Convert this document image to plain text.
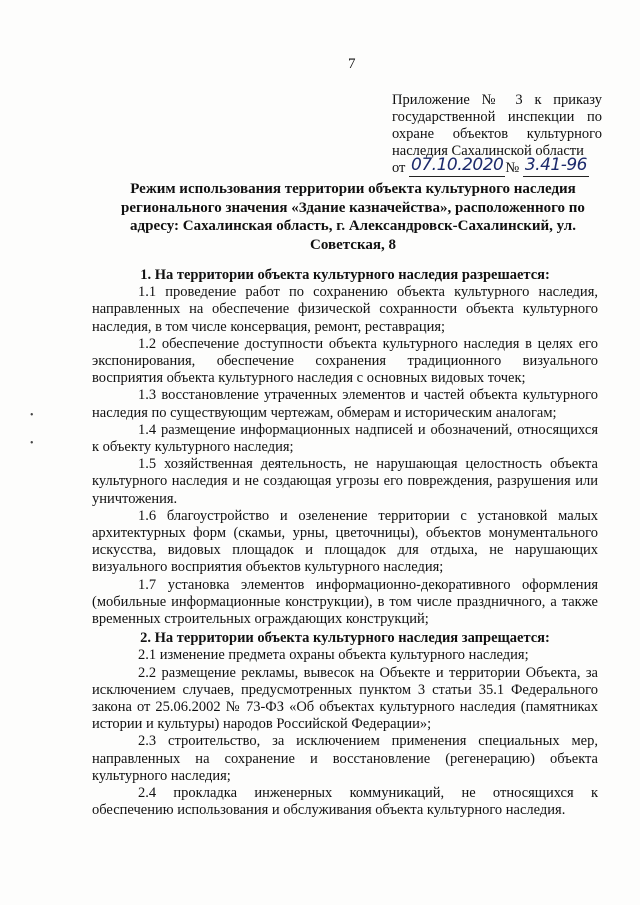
7
Приложение № 3 к приказу государственной инспекции по охране объектов культурного наследия Сахалинской области
от 07.10.2020 № 3.41-96
Режим использования территории объекта культурного наследия регионального значения «Здание казначейства», расположенного по адресу: Сахалинская область, г. Александровск-Сахалинский, ул. Советская, 8

1. На территории объекта культурного наследия разрешается:

1.1 проведение работ по сохранению объекта культурного наследия, направленных на обеспечение физической сохранности объекта культурного наследия, в том числе консервация, ремонт, реставрация;

1.2 обеспечение доступности объекта культурного наследия в целях его экспонирования, обеспечение сохранения традиционного визуального восприятия объекта культурного наследия с основных видовых точек;

1.3 восстановление утраченных элементов и частей объекта культурного наследия по существующим чертежам, обмерам и историческим аналогам;

1.4 размещение информационных надписей и обозначений, относящихся к объекту культурного наследия;

1.5 хозяйственная деятельность, не нарушающая целостность объекта культурного наследия и не создающая угрозы его повреждения, разрушения или уничтожения.

1.6 благоустройство и озеленение территории с установкой малых архитектурных форм (скамьи, урны, цветочницы), объектов монументального искусства, видовых площадок и площадок для отдыха, не нарушающих визуального восприятия объектов культурного наследия;

1.7 установка элементов информационно-декоративного оформления (мобильные информационные конструкции), в том числе праздничного, а также временных строительных ограждающих конструкций;

2. На территории объекта культурного наследия запрещается:

2.1 изменение предмета охраны объекта культурного наследия;

2.2 размещение рекламы, вывесок на Объекте и территории Объекта, за исключением случаев, предусмотренных пунктом 3 статьи 35.1 Федерального закона от 25.06.2002 № 73-ФЗ «Об объектах культурного наследия (памятниках истории и культуры) народов Российской Федерации»;

2.3 строительство, за исключением применения специальных мер, направленных на сохранение и восстановление (регенерацию) объекта культурного наследия;

2.4 прокладка инженерных коммуникаций, не относящихся к обеспечению использования и обслуживания объекта культурного наследия.

•
•
